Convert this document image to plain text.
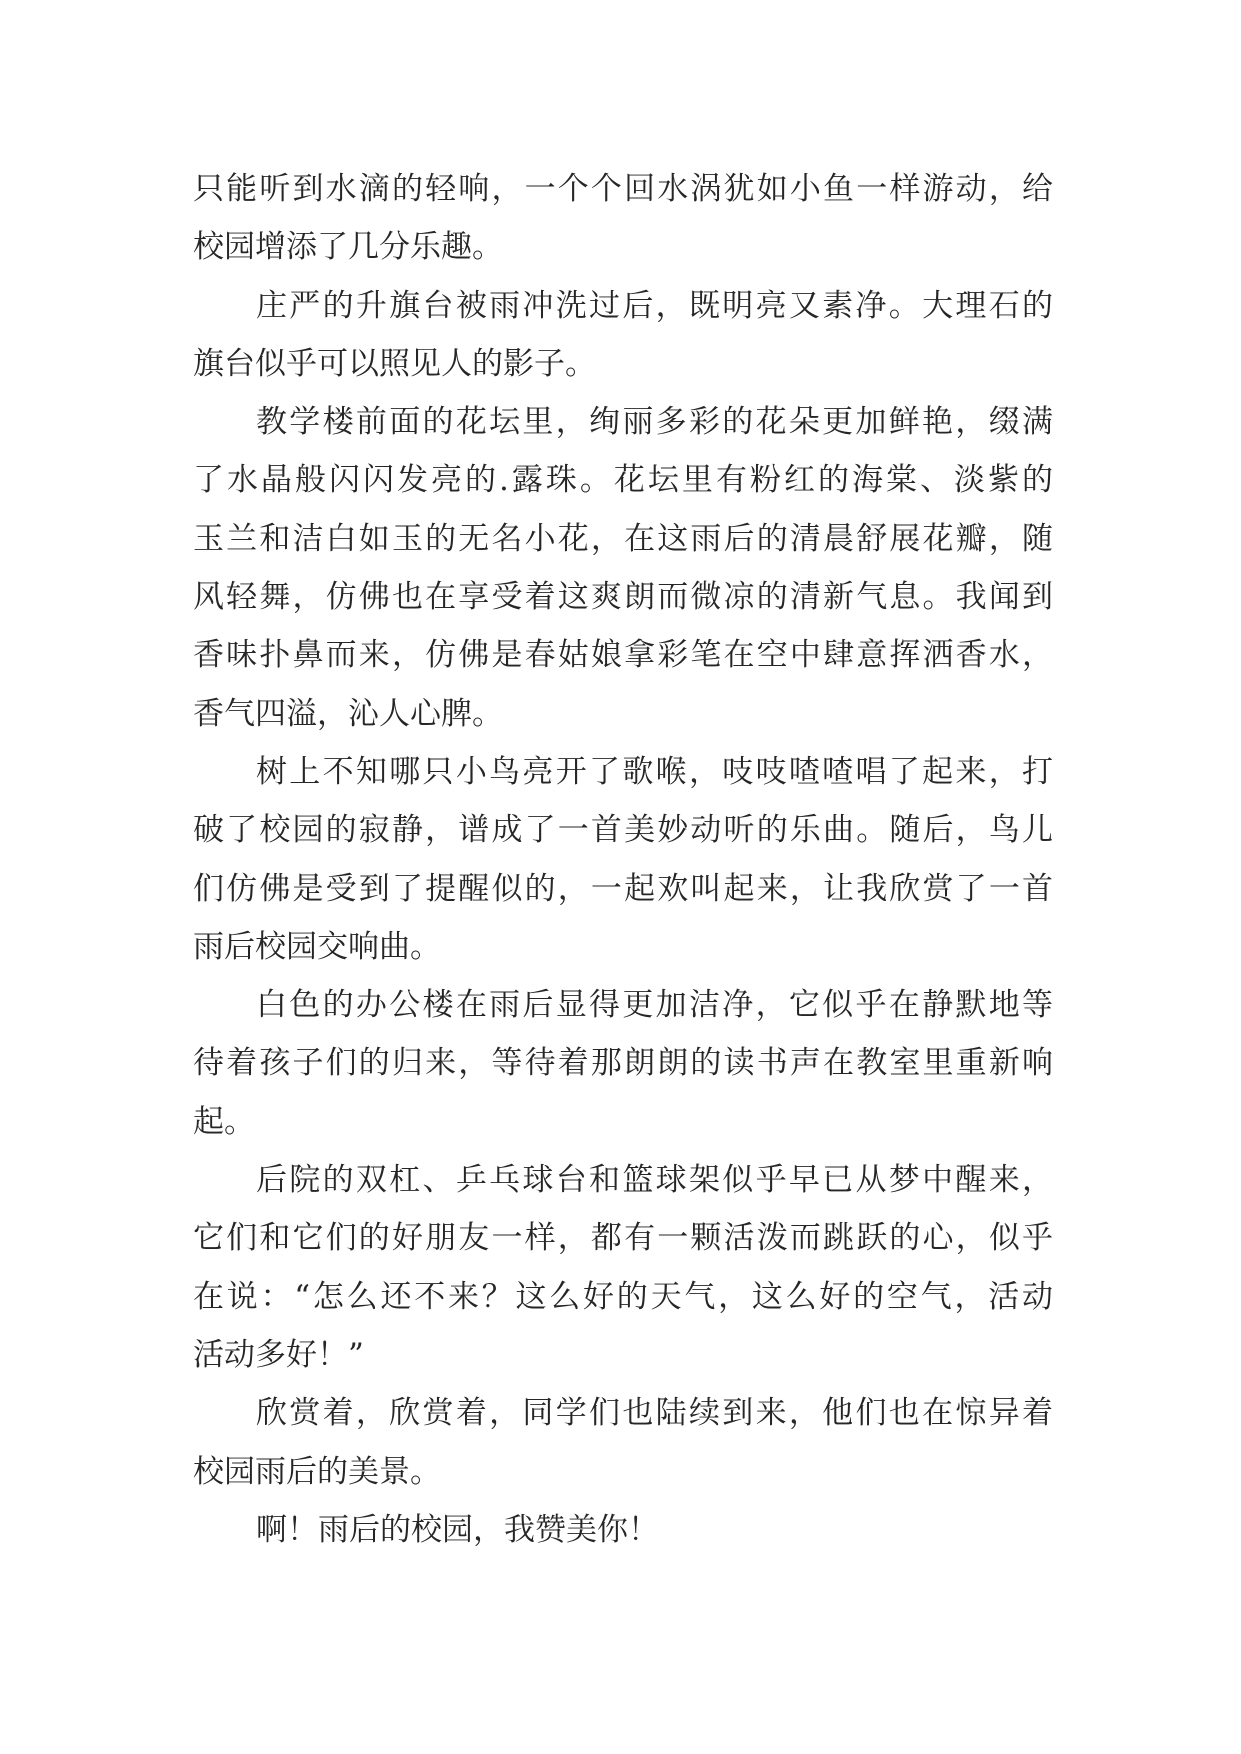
只能听到水滴的轻响，一个个回水涡犹如小鱼一样游动，给
校园增添了几分乐趣。
庄严的升旗台被雨冲洗过后，既明亮又素净。大理石的
旗台似乎可以照见人的影子。
教学楼前面的花坛里，绚丽多彩的花朵更加鲜艳，缀满
了水晶般闪闪发亮的.露珠。花坛里有粉红的海棠、淡紫的
玉兰和洁白如玉的无名小花，在这雨后的清晨舒展花瓣，随
风轻舞，仿佛也在享受着这爽朗而微凉的清新气息。我闻到
香味扑鼻而来，仿佛是春姑娘拿彩笔在空中肆意挥洒香水，
香气四溢，沁人心脾。
树上不知哪只小鸟亮开了歌喉，吱吱喳喳唱了起来，打
破了校园的寂静，谱成了一首美妙动听的乐曲。随后，鸟儿
们仿佛是受到了提醒似的，一起欢叫起来，让我欣赏了一首
雨后校园交响曲。
白色的办公楼在雨后显得更加洁净，它似乎在静默地等
待着孩子们的归来，等待着那朗朗的读书声在教室里重新响
起。
后院的双杠、乒乓球台和篮球架似乎早已从梦中醒来，
它们和它们的好朋友一样，都有一颗活泼而跳跃的心，似乎
在说：“怎么还不来？这么好的天气，这么好的空气，活动
活动多好！”
欣赏着，欣赏着，同学们也陆续到来，他们也在惊异着
校园雨后的美景。
啊！雨后的校园，我赞美你！
